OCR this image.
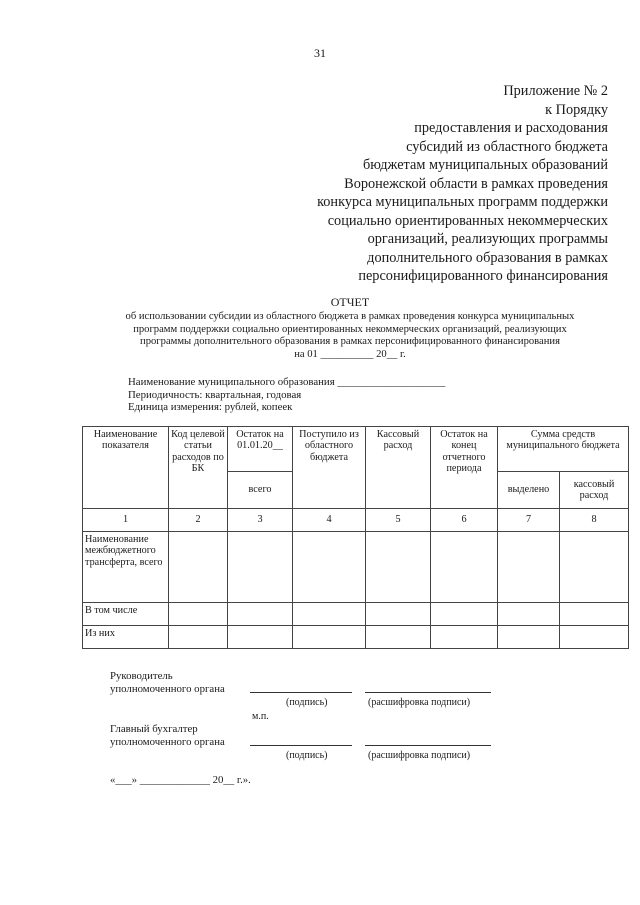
31
Приложение № 2
к Порядку
предоставления и расходования
субсидий из областного бюджета
бюджетам муниципальных образований
Воронежской области в рамках проведения
конкурса муниципальных программ поддержки
социально ориентированных некоммерческих
организаций, реализующих программы
дополнительного образования в рамках
персонифицированного финансирования
ОТЧЕТ
об использовании субсидии из областного бюджета в рамках проведения конкурса муниципальных
программ поддержки социально ориентированных некоммерческих организаций, реализующих
программы дополнительного образования в рамках персонифицированного финансирования
на 01 __________ 20__ г.
Наименование муниципального образования ____________________
Периодичность: квартальная, годовая
Единица измерения: рублей, копеек
Наименование показателя	Код целевой статьи расходов по БК	Остаток на 01.01.20__	Поступило из областного бюджета	Кассовый расход	Остаток на конец отчетного периода	Сумма средств муниципального бюджета	
		всего				выделено	кассовый расход
1	2	3	4	5	6	7	8
Наименование межбюджетного трансферта, всего							
В том числе							
Из них							
Руководитель
уполномоченного органа
(подпись)	(расшифровка подписи)
м.п.
Главный бухгалтер
уполномоченного органа
(подпись)	(расшифровка подписи)
«___» _____________ 20__ г.».
